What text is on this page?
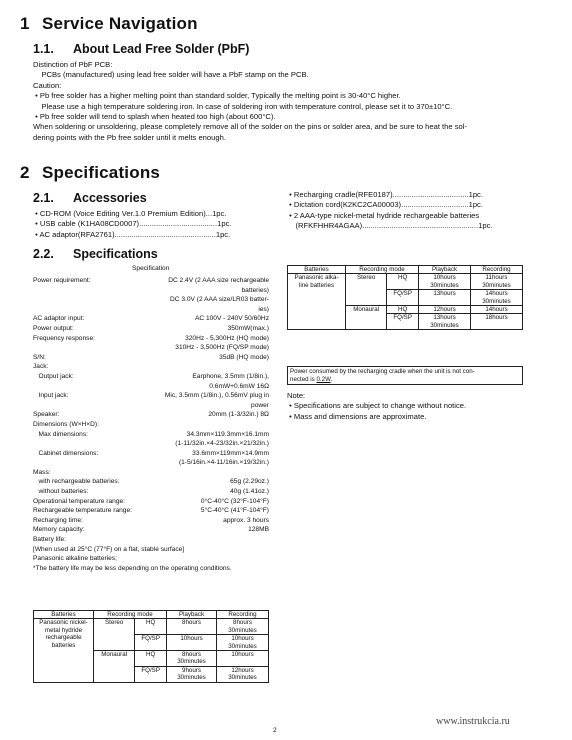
1 Service Navigation
1.1. About Lead Free Solder (PbF)
Distinction of PbF PCB:
PCBs (manufactured) using lead free solder will have a PbF stamp on the PCB.
Caution:
• Pb free solder has a higher melting point than standard solder, Typically the melting point is 30-40°C higher.
Please use a high temperature soldering iron. In case of soldering iron with temperature control, please set it to 370±10°C.
• Pb free solder will tend to splash when heated too high (about 600°C).
When soldering or unsoldering, please completely remove all of the solder on the pins or solder area, and be sure to heat the sol-
dering points with the Pb free solder until it melts enough.
2 Specifications
2.1. Accessories
• CD-ROM (Voice Editing Ver.1.0 Premium Edition)...1pc.
• USB cable (K1HA08CD0007).....................................1pc.
• AC adaptor(RFA2761)................................................1pc.
• Recharging cradle(RFE0187)....................................1pc.
• Dictation cord(K2KC2CA00003)................................1pc.
• 2 AAA-type nickel-metal hydride rechargeable batteries
(RFKFHHR4AGAA).......................................................1pc.
2.2. Specifications
Specification
Power requirement:	DC 2.4V (2 AAA size rechargeable
batteries)
DC 3.0V (2 AAA size/LR03 batter-
ies)
AC adaptor input:	AC 100V - 240V 50/60Hz
Power output:	350mW(max.)
Frequency response:	320Hz - 5,300Hz (HQ mode)
310Hz - 3,500Hz (FQ/SP mode)
S/N:	35dB (HQ mode)
Jack:
Output jack:	Earphone, 3.5mm (1/8in.),
0.6mW+0.6mW 16Ω
Input jack:	Mic, 3.5mm (1/8in.), 0.56mV plug in
power
Speaker:	20mm (1-3/32in.) 8Ω
Dimensions (W×H×D):
Max dimensions:	34.3mm×119.3mm×16.1mm
(1-11/32in.×4-23/32in.×21/32in.)
Cabinet dimensions:	33.6mm×119mm×14.9mm
(1-5/16in.×4-11/16in.×19/32in.)
Mass:
with rechargeable batteries:	65g (2.29oz.)
without batteries:	40g (1.41oz.)
Operational temperature range:	0°C-40°C (32°F-104°F)
Rechargeable temperature range:	5°C-40°C (41°F-104°F)
Recharging time:	approx. 3 hours
Memory capacity:	128MB
Battery life:
[When used at 25°C (77°F) on a flat, stable surface]
Panasonic alkaline batteries;
*The battery life may be less depending on the operating conditions.
Batteries	Recording mode		Playback	Recording
Panasonic nickel-metal hydride rechargeable batteries	Stereo	HQ	8hours	8hours 30minutes
		FQ/SP	10hours	10hours 30minutes
	Monaural	HQ	8hours 30minutes	10hours
		FQ/SP	9hours 30minutes	12hours 30minutes
Batteries	Recording mode		Playback	Recording
Panasonic alka-line batteries	Stereo	HQ	10hours 30minutes	11hours 30minutes
		FQ/SP	13hours	14hours 30minutes
	Monaural	HQ	12hours	14hours
		FQ/SP	13hours 30minutes	18hours
Power consumed by the recharging cradle when the unit is not con-
nected is 0.2W.
Note:
• Specifications are subject to change without notice.
• Mass and dimensions are approximate.
www.instrukcia.ru
2
